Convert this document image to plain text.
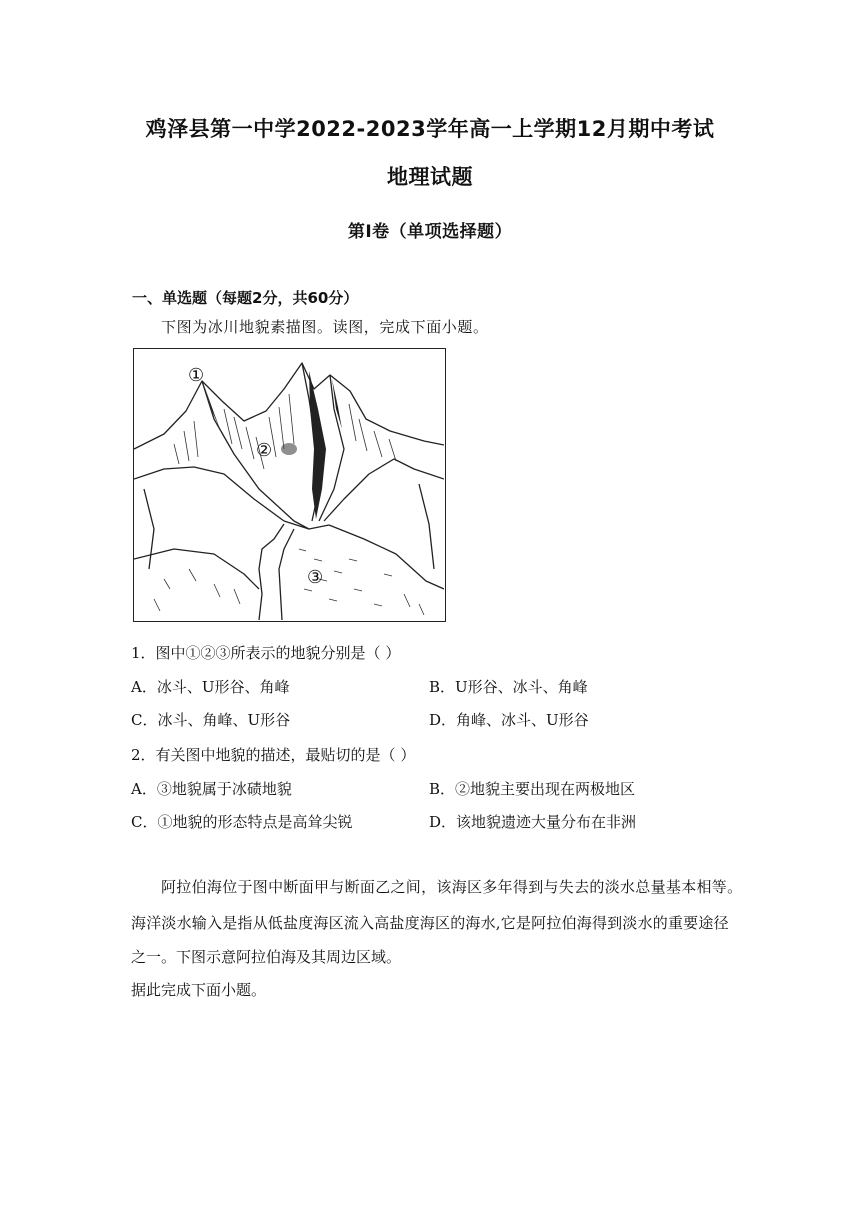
鸡泽县第一中学2022-2023学年高一上学期12月期中考试
地理试题
第Ⅰ卷（单项选择题）
一、单选题（每题2分，共60分）
下图为冰川地貌素描图。读图，完成下面小题。
①
②
③
1．图中①②③所表示的地貌分别是（ ）
A．冰斗、U形谷、角峰	B．U形谷、冰斗、角峰
C．冰斗、角峰、U形谷	D．角峰、冰斗、U形谷
2．有关图中地貌的描述，最贴切的是（ ）
A．③地貌属于冰碛地貌	B．②地貌主要出现在两极地区
C．①地貌的形态特点是高耸尖锐	D．该地貌遗迹大量分布在非洲
阿拉伯海位于图中断面甲与断面乙之间，该海区多年得到与失去的淡水总量基本相等。
海洋淡水输入是指从低盐度海区流入高盐度海区的海水,它是阿拉伯海得到淡水的重要途径
之一。下图示意阿拉伯海及其周边区域。
据此完成下面小题。
